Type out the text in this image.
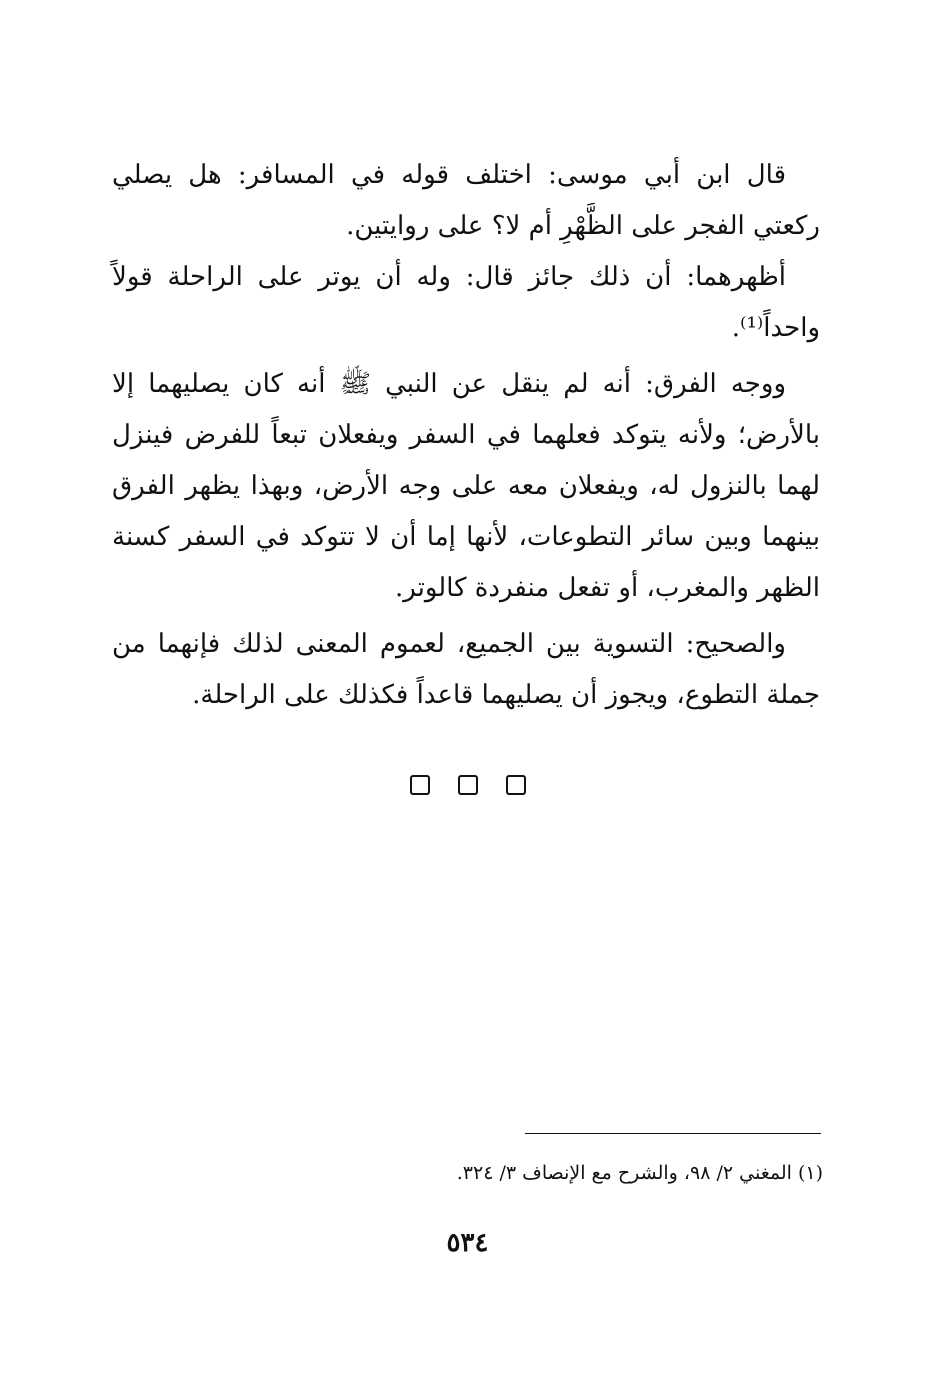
قال ابن أبي موسى: اختلف قوله في المسافر: هل يصلي ركعتي الفجر على الظَّهْرِ أم لا؟ على روايتين.

أظهرهما: أن ذلك جائز قال: وله أن يوتر على الراحلة قولاً واحداً⁽¹⁾.

ووجه الفرق: أنه لم ينقل عن النبي ﷺ أنه كان يصليهما إلا بالأرض؛ ولأنه يتوكد فعلهما في السفر ويفعلان تبعاً للفرض فينزل لهما بالنزول له، ويفعلان معه على وجه الأرض، وبهذا يظهر الفرق بينهما وبين سائر التطوعات، لأنها إما أن لا تتوكد في السفر كسنة الظهر والمغرب، أو تفعل منفردة كالوتر.

والصحيح: التسوية بين الجميع، لعموم المعنى لذلك فإنهما من جملة التطوع، ويجوز أن يصليهما قاعداً فكذلك على الراحلة.

(١) المغني ٢/ ٩٨، والشرح مع الإنصاف ٣/ ٣٢٤.
٥٣٤
